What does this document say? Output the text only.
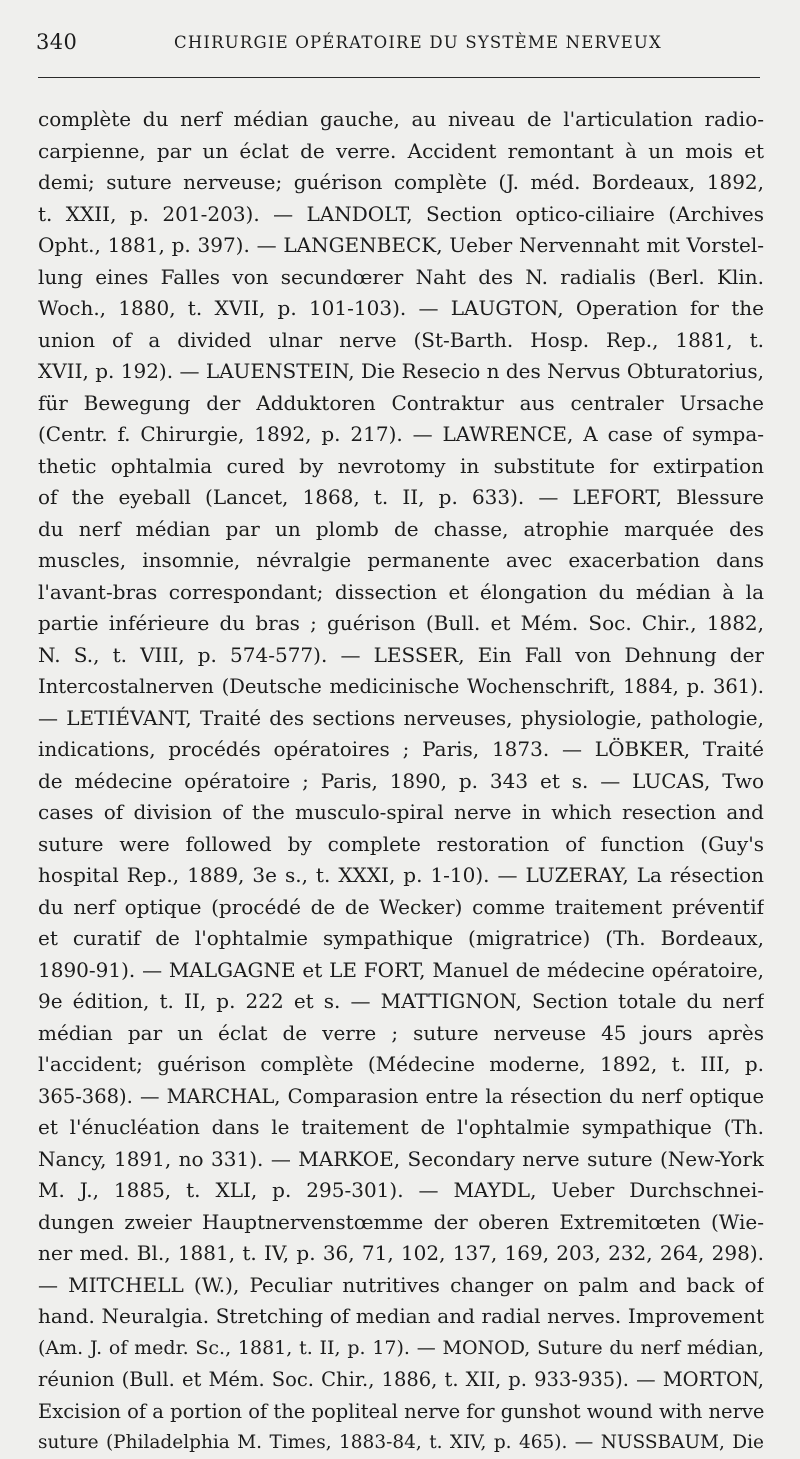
340	CHIRURGIE OPÉRATOIRE DU SYSTÈME NERVEUX
complète du nerf médian gauche, au niveau de l'articulation radio-
carpienne, par un éclat de verre. Accident remontant à un mois et
demi; suture nerveuse; guérison complète (J. méd. Bordeaux, 1892,
t. XXII, p. 201-203). — LANDOLT, Section optico-ciliaire (Archives
Opht., 1881, p. 397). — LANGENBECK, Ueber Nervennaht mit Vorstel-
lung eines Falles von secundœrer Naht des N. radialis (Berl. Klin.
Woch., 1880, t. XVII, p. 101-103). — LAUGTON, Operation for the
union of a divided ulnar nerve (St-Barth. Hosp. Rep., 1881, t.
XVII, p. 192). — LAUENSTEIN, Die Resecio n des Nervus Obturatorius,
für Bewegung der Adduktoren Contraktur aus centraler Ursache
(Centr. f. Chirurgie, 1892, p. 217). — LAWRENCE, A case of sympa-
thetic ophtalmia cured by nevrotomy in substitute for extirpation
of the eyeball (Lancet, 1868, t. II, p. 633). — LEFORT, Blessure
du nerf médian par un plomb de chasse, atrophie marquée des
muscles, insomnie, névralgie permanente avec exacerbation dans
l'avant-bras correspondant; dissection et élongation du médian à la
partie inférieure du bras ; guérison (Bull. et Mém. Soc. Chir., 1882,
N. S., t. VIII, p. 574-577). — LESSER, Ein Fall von Dehnung der
Intercostalnerven (Deutsche medicinische Wochenschrift, 1884, p. 361).
— LETIÉVANT, Traité des sections nerveuses, physiologie, pathologie,
indications, procédés opératoires ; Paris, 1873. — LÖBKER, Traité
de médecine opératoire ; Paris, 1890, p. 343 et s. — LUCAS, Two
cases of division of the musculo-spiral nerve in which resection and
suture were followed by complete restoration of function (Guy's
hospital Rep., 1889, 3e s., t. XXXI, p. 1-10). — LUZERAY, La résection
du nerf optique (procédé de de Wecker) comme traitement préventif
et curatif de l'ophtalmie sympathique (migratrice) (Th. Bordeaux,
1890-91). — MALGAGNE et LE FORT, Manuel de médecine opératoire,
9e édition, t. II, p. 222 et s. — MATTIGNON, Section totale du nerf
médian par un éclat de verre ; suture nerveuse 45 jours après
l'accident; guérison complète (Médecine moderne, 1892, t. III, p.
365-368). — MARCHAL, Comparasion entre la résection du nerf optique
et l'énucléation dans le traitement de l'ophtalmie sympathique (Th.
Nancy, 1891, no 331). — MARKOE, Secondary nerve suture (New-York
M. J., 1885, t. XLI, p. 295-301). — MAYDL, Ueber Durchschnei-
dungen zweier Hauptnervenstœmme der oberen Extremitœten (Wie-
ner med. Bl., 1881, t. IV, p. 36, 71, 102, 137, 169, 203, 232, 264, 298).
— MITCHELL (W.), Peculiar nutritives changer on palm and back of
hand. Neuralgia. Stretching of median and radial nerves. Improvement
(Am. J. of medr. Sc., 1881, t. II, p. 17). — MONOD, Suture du nerf médian,
réunion (Bull. et Mém. Soc. Chir., 1886, t. XII, p. 933-935). — MORTON,
Excision of a portion of the popliteal nerve for gunshot wound with nerve
suture (Philadelphia M. Times, 1883-84, t. XIV, p. 465). — NUSSBAUM, Die
